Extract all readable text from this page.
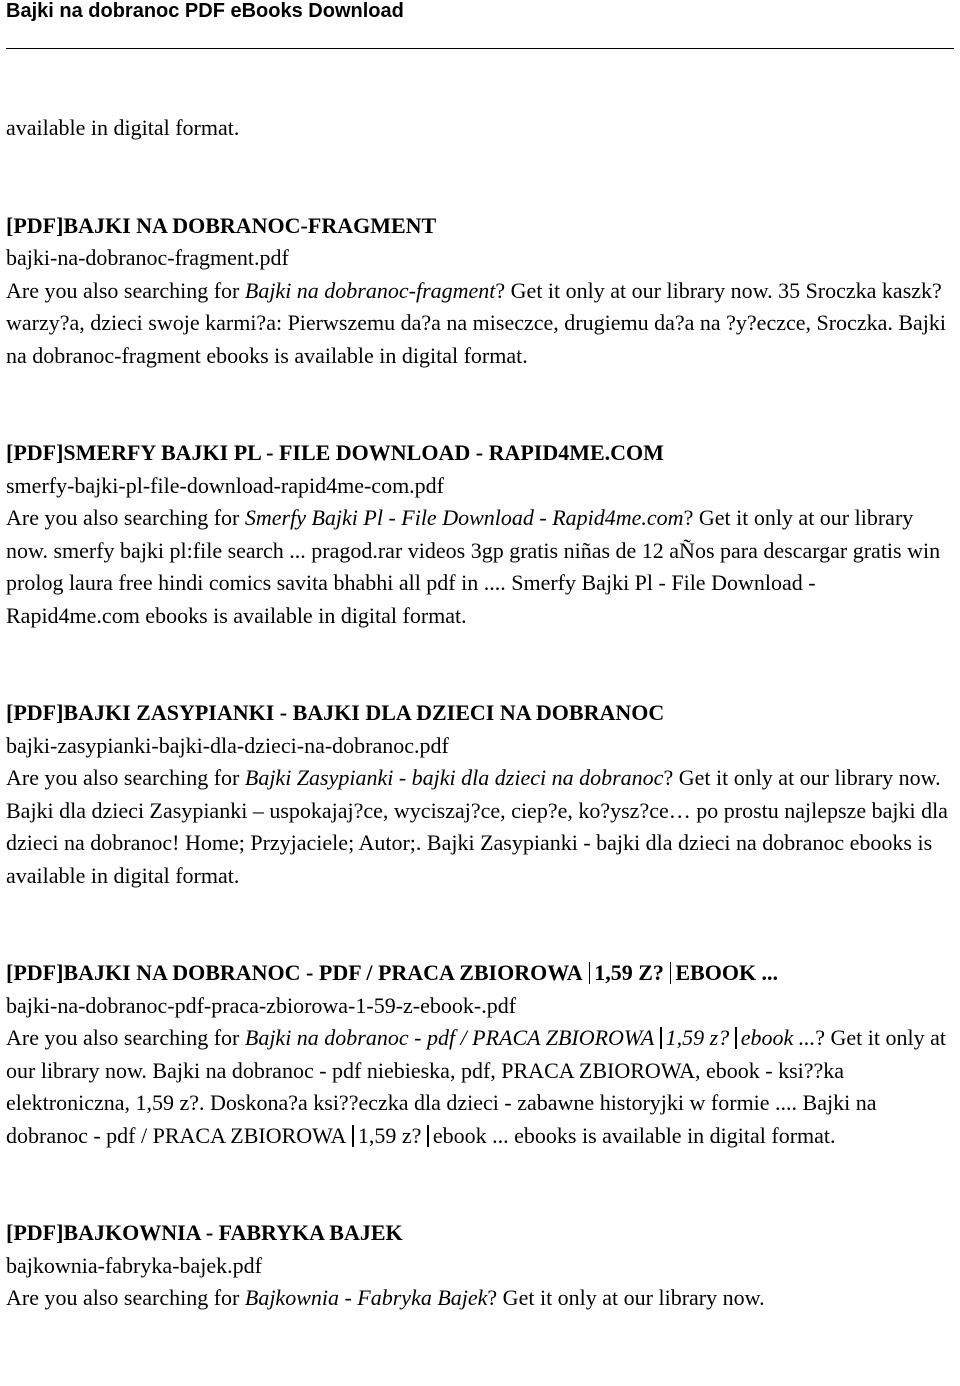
Bajki na dobranoc PDF eBooks Download

available in digital format.

[PDF]BAJKI NA DOBRANOC-FRAGMENT

bajki-na-dobranoc-fragment.pdf

Are you also searching for Bajki na dobranoc-fragment? Get it only at our library now. 35 Sroczka kaszk? warzy?a, dzieci swoje karmi?a: Pierwszemu da?a na miseczce, drugiemu da?a na ?y?eczce, Sroczka. Bajki na dobranoc-fragment ebooks is available in digital format.

[PDF]SMERFY BAJKI PL - FILE DOWNLOAD - RAPID4ME.COM

smerfy-bajki-pl-file-download-rapid4me-com.pdf

Are you also searching for Smerfy Bajki Pl - File Download - Rapid4me.com? Get it only at our library now. smerfy bajki pl:file search ... pragod.rar videos 3gp gratis niñas de 12 aÑos para descargar gratis win prolog laura free hindi comics savita bhabhi all pdf in .... Smerfy Bajki Pl - File Download - Rapid4me.com ebooks is available in digital format.

[PDF]BAJKI ZASYPIANKI - BAJKI DLA DZIECI NA DOBRANOC

bajki-zasypianki-bajki-dla-dzieci-na-dobranoc.pdf

Are you also searching for Bajki Zasypianki - bajki dla dzieci na dobranoc? Get it only at our library now. Bajki dla dzieci Zasypianki – uspokajaj?ce, wyciszaj?ce, ciep?e, ko?ysz?ce… po prostu najlepsze bajki dla dzieci na dobranoc! Home; Przyjaciele; Autor;. Bajki Zasypianki - bajki dla dzieci na dobranoc ebooks is available in digital format.

[PDF]BAJKI NA DOBRANOC - PDF / PRACA ZBIOROWA 1,59 Z? EBOOK ...

bajki-na-dobranoc-pdf-praca-zbiorowa-1-59-z-ebook-.pdf

Are you also searching for Bajki na dobranoc - pdf / PRACA ZBIOROWA 1,59 z? ebook ...? Get it only at our library now. Bajki na dobranoc - pdf niebieska, pdf, PRACA ZBIOROWA, ebook - ksi??ka elektroniczna, 1,59 z?. Doskona?a ksi??eczka dla dzieci - zabawne historyjki w formie .... Bajki na dobranoc - pdf / PRACA ZBIOROWA 1,59 z? ebook ... ebooks is available in digital format.

[PDF]BAJKOWNIA - FABRYKA BAJEK

bajkownia-fabryka-bajek.pdf

Are you also searching for Bajkownia - Fabryka Bajek? Get it only at our library now.
